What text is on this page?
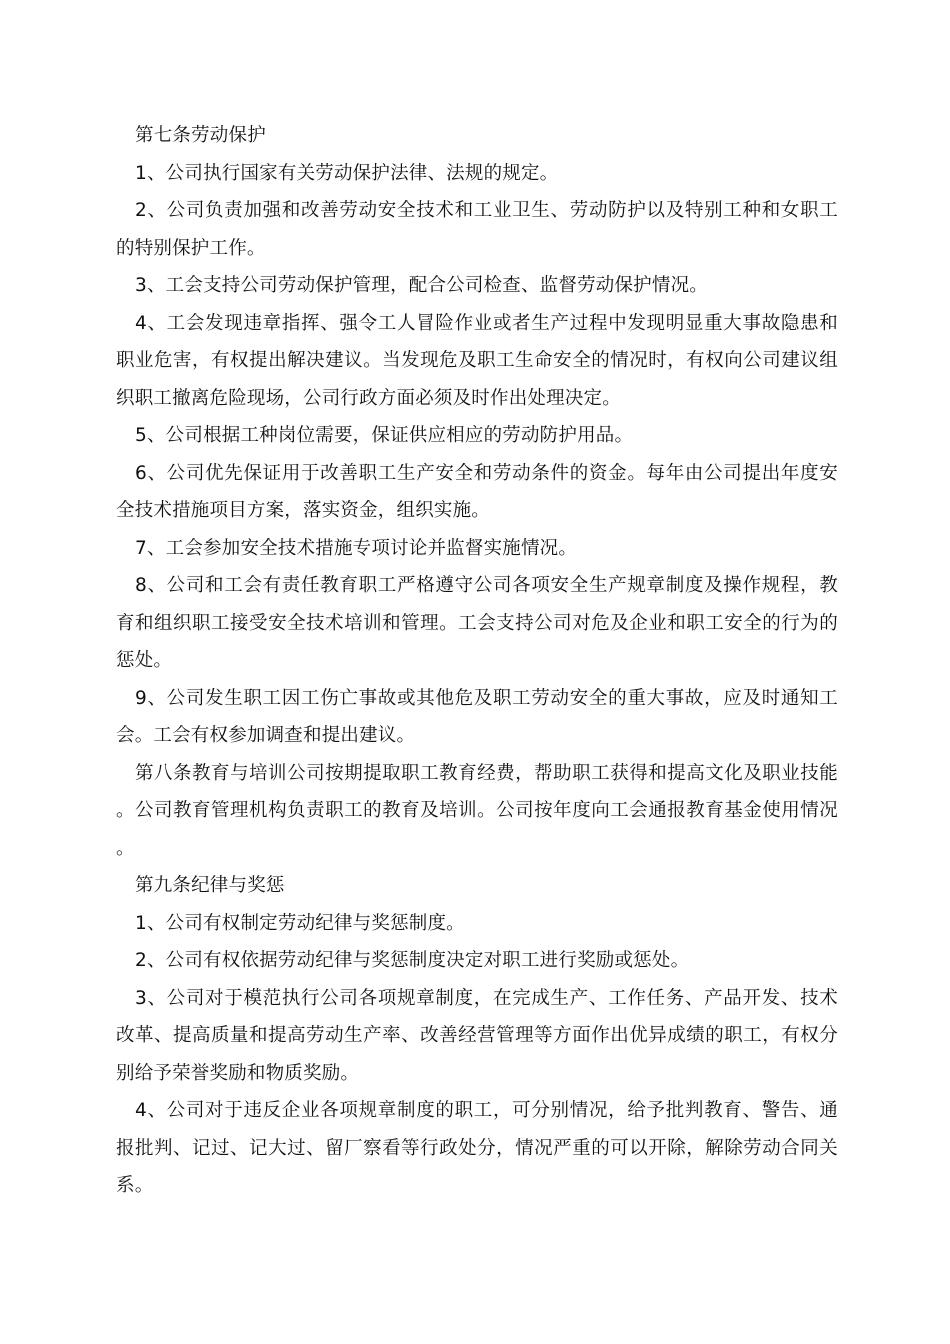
第七条劳动保护

1、公司执行国家有关劳动保护法律、法规的规定。

2、公司负责加强和改善劳动安全技术和工业卫生、劳动防护以及特别工种和女职工的特别保护工作。

3、工会支持公司劳动保护管理，配合公司检查、监督劳动保护情况。

4、工会发现违章指挥、强令工人冒险作业或者生产过程中发现明显重大事故隐患和职业危害，有权提出解决建议。当发现危及职工生命安全的情况时，有权向公司建议组织职工撤离危险现场，公司行政方面必须及时作出处理决定。

5、公司根据工种岗位需要，保证供应相应的劳动防护用品。

6、公司优先保证用于改善职工生产安全和劳动条件的资金。每年由公司提出年度安全技术措施项目方案，落实资金，组织实施。

7、工会参加安全技术措施专项讨论并监督实施情况。

8、公司和工会有责任教育职工严格遵守公司各项安全生产规章制度及操作规程，教育和组织职工接受安全技术培训和管理。工会支持公司对危及企业和职工安全的行为的惩处。

9、公司发生职工因工伤亡事故或其他危及职工劳动安全的重大事故，应及时通知工会。工会有权参加调查和提出建议。

第八条教育与培训公司按期提取职工教育经费，帮助职工获得和提高文化及职业技能。公司教育管理机构负责职工的教育及培训。公司按年度向工会通报教育基金使用情况。

第九条纪律与奖惩

1、公司有权制定劳动纪律与奖惩制度。

2、公司有权依据劳动纪律与奖惩制度决定对职工进行奖励或惩处。

3、公司对于模范执行公司各项规章制度，在完成生产、工作任务、产品开发、技术改革、提高质量和提高劳动生产率、改善经营管理等方面作出优异成绩的职工，有权分别给予荣誉奖励和物质奖励。

4、公司对于违反企业各项规章制度的职工，可分别情况，给予批判教育、警告、通报批判、记过、记大过、留厂察看等行政处分，情况严重的可以开除，解除劳动合同关系。
